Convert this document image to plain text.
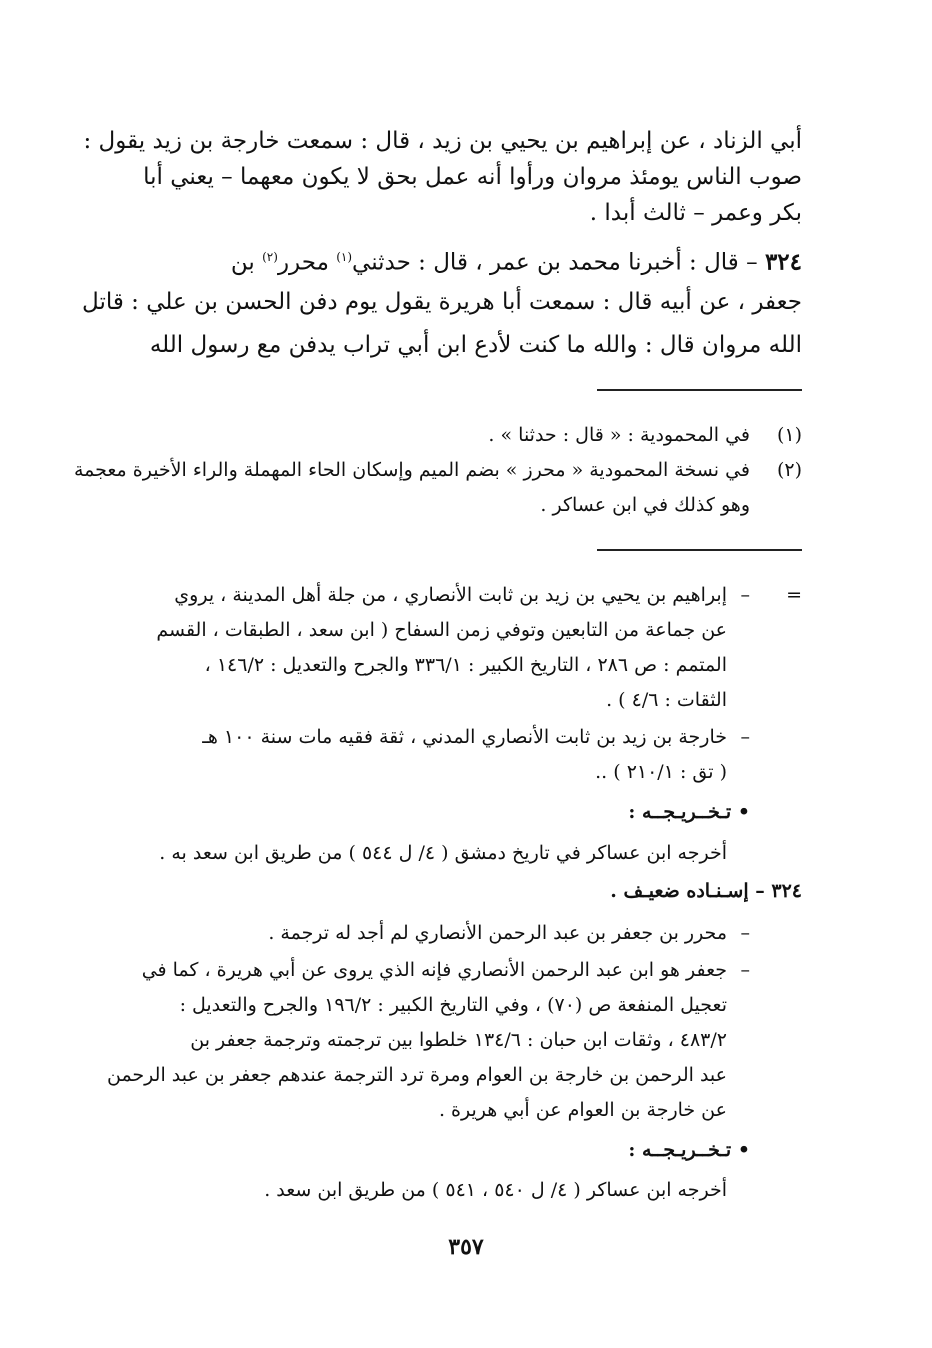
أبي الزناد ، عن إبراهيم بن يحيي بن زيد ، قال : سمعت خارجة بن زيد يقول :
صوب الناس يومئذ مروان ورأوا أنه عمل بحق لا يكون معهما – يعني أبا
بكر وعمر – ثالث أبدا .
٣٢٤ – قال : أخبرنا محمد بن عمر ، قال : حدثني$^{(١)}$ محرر$^{(٢)}$ بن
جعفر ، عن أبيه قال : سمعت أبا هريرة يقول يوم دفن الحسن بن علي : قاتل
الله مروان قال : والله ما كنت لأدع ابن أبي تراب يدفن مع رسول الله
(١)
في المحمودية : « قال : حدثنا » .
(٢)
في نسخة المحمودية « محرز » بضم الميم وإسكان الحاء المهملة والراء الأخيرة معجمة
وهو كذلك في ابن عساكر .
=
–
إبراهيم بن يحيي بن زيد بن ثابت الأنصاري ، من جلة أهل المدينة ، يروي
عن جماعة من التابعين وتوفي زمن السفاح ( ابن سعد ، الطبقات ، القسم
المتمم : ص ٢٨٦ ، التاريخ الكبير : ٣٣٦/١ والجرح والتعديل : ١٤٦/٢ ،
الثقات : ٤/٦ ) .
–
خارجة بن زيد بن ثابت الأنصاري المدني ، ثقة فقيه مات سنة ١٠٠ هـ
( تق : ٢١٠/١ ) ..
• تـخــريـجــه :
أخرجه ابن عساكر في تاريخ دمشق ( ٤/ ل ٥٤٤ ) من طريق ابن سعد به .
٣٢٤ – إسـنـاده ضعيـف .
–
محرر بن جعفر بن عبد الرحمن الأنصاري لم أجد له ترجمة .
–
جعفر هو ابن عبد الرحمن الأنصاري فإنه الذي يروى عن أبي هريرة ، كما في
تعجيل المنفعة ص (٧٠) ، وفي التاريخ الكبير : ١٩٦/٢ والجرح والتعديل :
٤٨٣/٢ ، وثقات ابن حبان : ١٣٤/٦ خلطوا بين ترجمته وترجمة جعفر بن
عبد الرحمن بن خارجة بن العوام ومرة ترد الترجمة عندهم جعفر بن عبد الرحمن
عن خارجة بن العوام عن أبي هريرة .
• تـخــريـجــه :
أخرجه ابن عساكر ( ٤/ ل ٥٤٠ ، ٥٤١ ) من طريق ابن سعد .
٣٥٧
